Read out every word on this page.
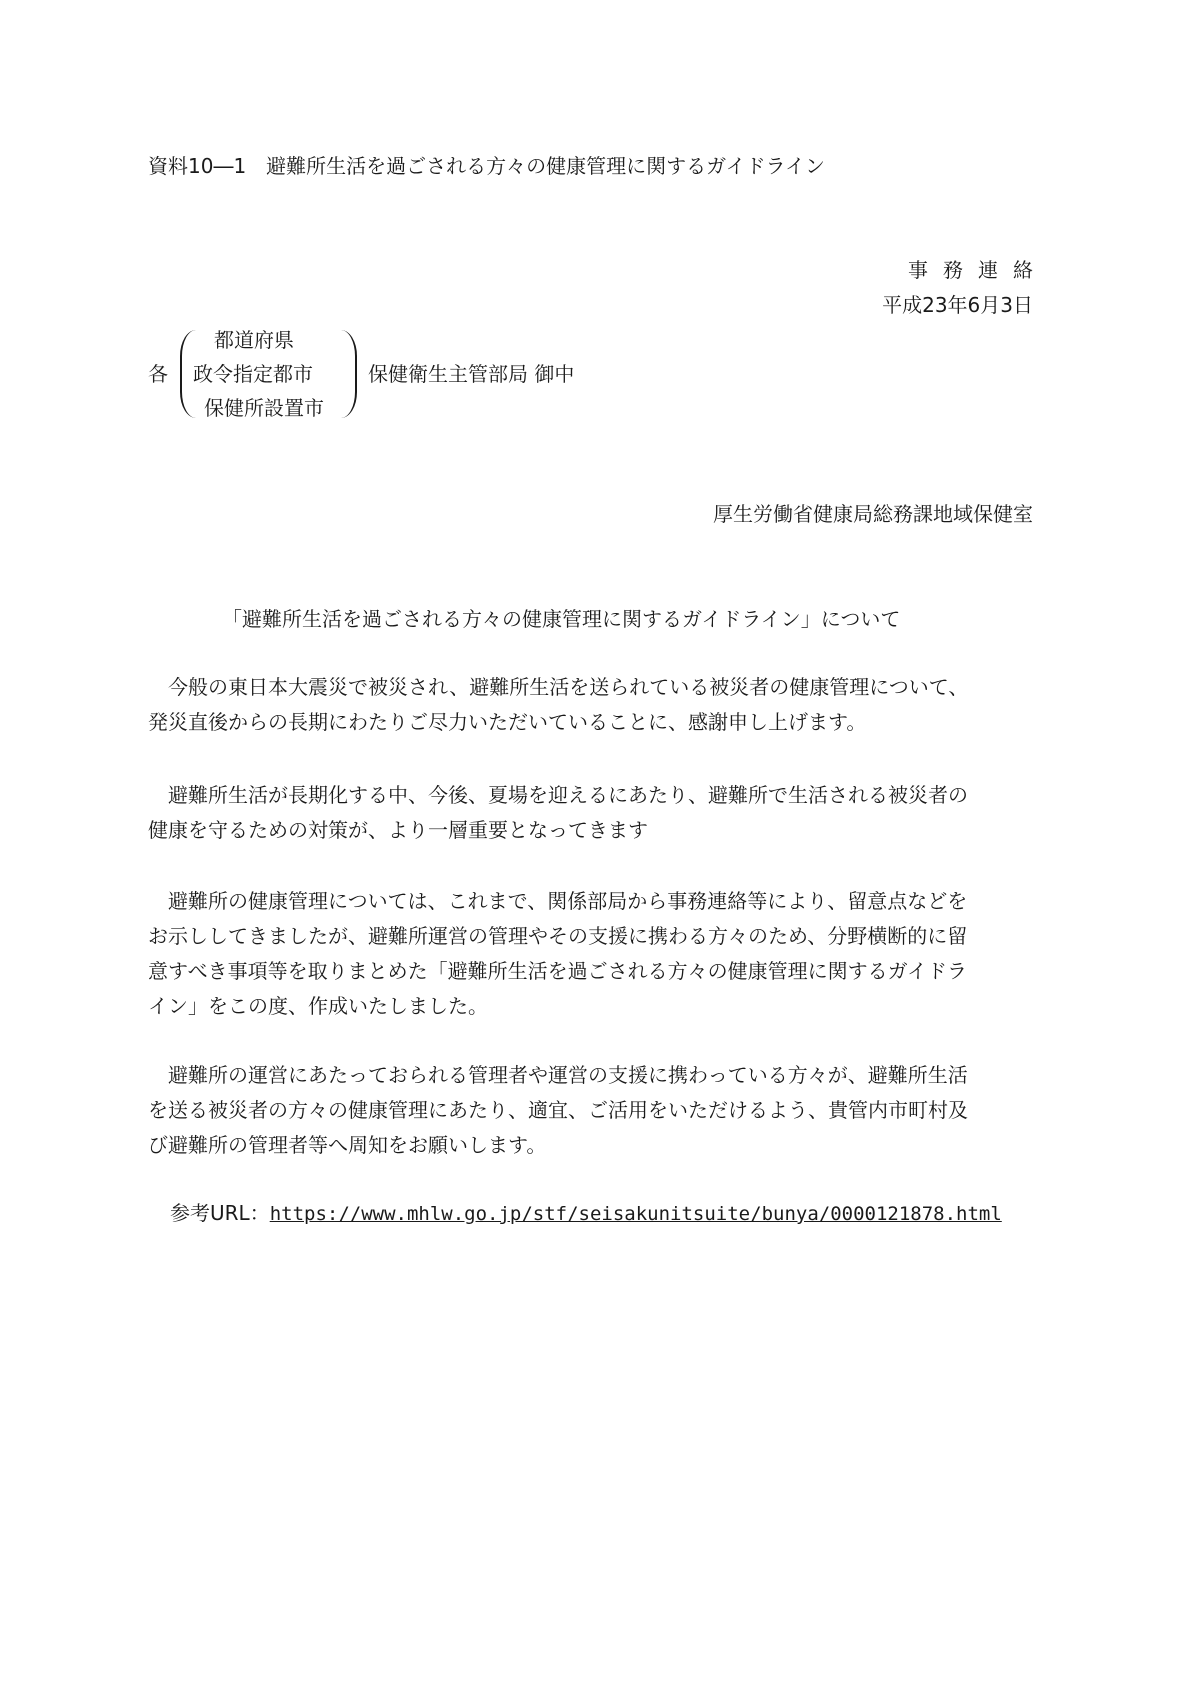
資料10―1　避難所生活を過ごされる方々の健康管理に関するガイドライン
事務連絡
平成23年6月3日
各
都道府県
政令指定都市
保健所設置市
保健衛生主管部局 御中
厚生労働省健康局総務課地域保健室
「避難所生活を過ごされる方々の健康管理に関するガイドライン」について

　今般の東日本大震災で被災され、避難所生活を送られている被災者の健康管理について、
発災直後からの長期にわたりご尽力いただいていることに、感謝申し上げます。

　避難所生活が長期化する中、今後、夏場を迎えるにあたり、避難所で生活される被災者の
健康を守るための対策が、より一層重要となってきます

　避難所の健康管理については、これまで、関係部局から事務連絡等により、留意点などを
お示ししてきましたが、避難所運営の管理やその支援に携わる方々のため、分野横断的に留
意すべき事項等を取りまとめた「避難所生活を過ごされる方々の健康管理に関するガイドラ
イン」をこの度、作成いたしました。

　避難所の運営にあたっておられる管理者や運営の支援に携わっている方々が、避難所生活
を送る被災者の方々の健康管理にあたり、適宜、ご活用をいただけるよう、貴管内市町村及
び避難所の管理者等へ周知をお願いします。

参考URL：https://www.mhlw.go.jp/stf/seisakunitsuite/bunya/0000121878.html
